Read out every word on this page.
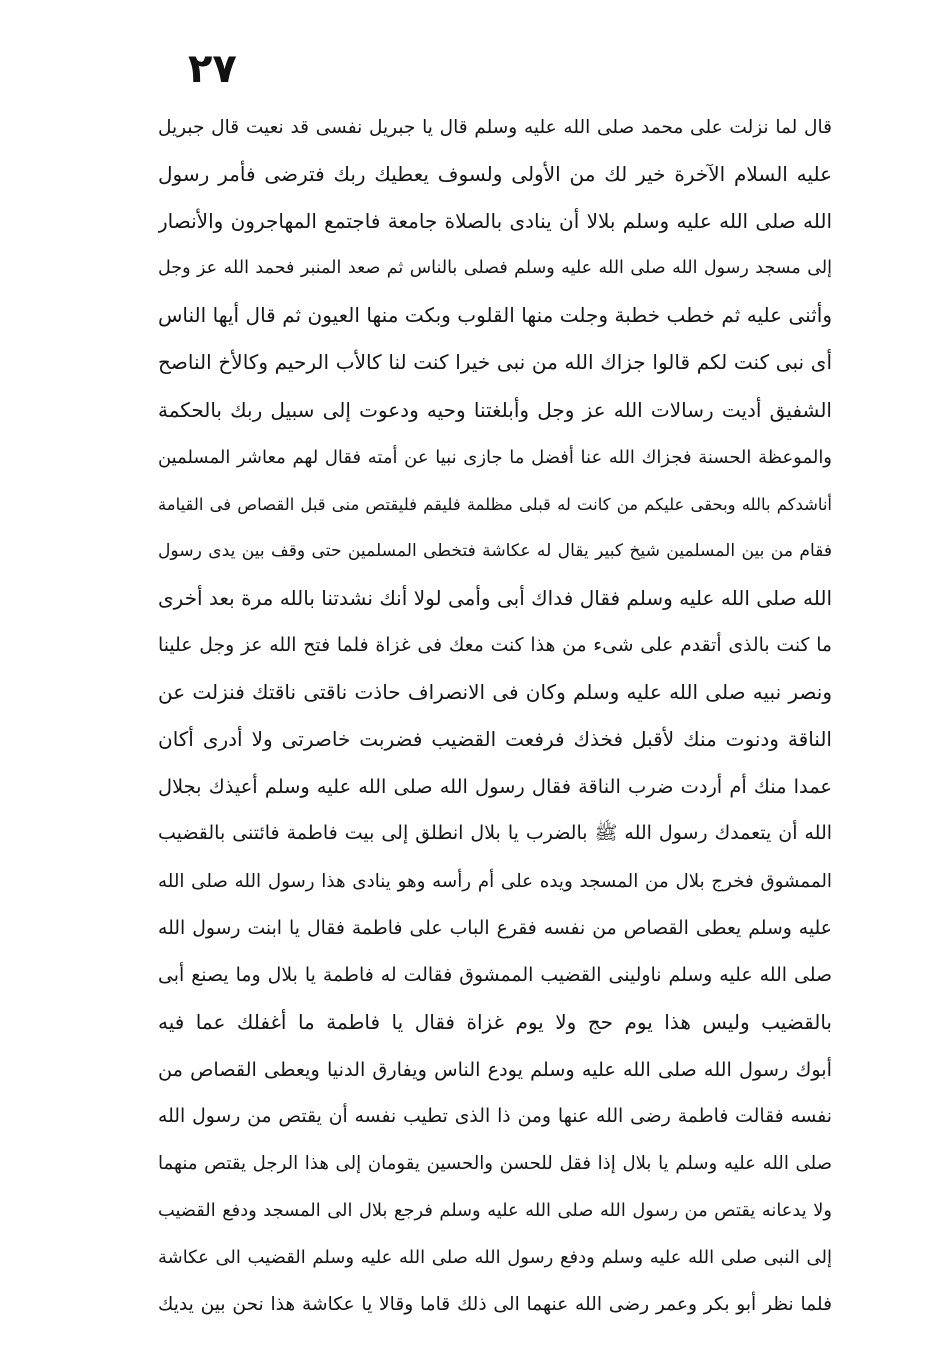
٢٧
قال لما نزلت على محمد صلى الله عليه وسلم قال يا جبريل نفسى قد نعيت قال جبريل
عليه السلام الآخرة خير لك من الأولى ولسوف يعطيك ربك فترضى فأمر رسول
الله صلى الله عليه وسلم بلالا أن ينادى بالصلاة جامعة فاجتمع المهاجرون والأنصار
إلى مسجد رسول الله صلى الله عليه وسلم فصلى بالناس ثم صعد المنبر فحمد الله عز وجل
وأثنى عليه ثم خطب خطبة وجلت منها القلوب وبكت منها العيون ثم قال أيها الناس
أى نبى كنت لكم قالوا جزاك الله من نبى خيرا كنت لنا كالأب الرحيم وكالأخ الناصح
الشفيق أديت رسالات الله عز وجل وأبلغتنا وحيه ودعوت إلى سبيل ربك بالحكمة
والموعظة الحسنة فجزاك الله عنا أفضل ما جازى نبيا عن أمته فقال لهم معاشر المسلمين
أناشدكم بالله وبحقى عليكم من كانت له قبلى مظلمة فليقم فليقتص منى قبل القصاص فى القيامة
فقام من بين المسلمين شيخ كبير يقال له عكاشة فتخطى المسلمين حتى وقف بين يدى رسول
الله صلى الله عليه وسلم فقال فداك أبى وأمى لولا أنك نشدتنا بالله مرة بعد أخرى
ما كنت بالذى أتقدم على شىء من هذا كنت معك فى غزاة فلما فتح الله عز وجل علينا
ونصر نبيه صلى الله عليه وسلم وكان فى الانصراف حاذت ناقتى ناقتك فنزلت عن
الناقة ودنوت منك لأقبل فخذك فرفعت القضيب فضربت خاصرتى ولا أدرى أكان
عمدا منك أم أردت ضرب الناقة فقال رسول الله صلى الله عليه وسلم أعيذك بجلال
الله أن يتعمدك رسول الله ﷺ بالضرب يا بلال انطلق إلى بيت فاطمة فائتنى بالقضيب
الممشوق فخرج بلال من المسجد ويده على أم رأسه وهو ينادى هذا رسول الله صلى الله
عليه وسلم يعطى القصاص من نفسه فقرع الباب على فاطمة فقال يا ابنت رسول الله
صلى الله عليه وسلم ناولينى القضيب الممشوق فقالت له فاطمة يا بلال وما يصنع أبى
بالقضيب وليس هذا يوم حج ولا يوم غزاة فقال يا فاطمة ما أغفلك عما فيه
أبوك رسول الله صلى الله عليه وسلم يودع الناس ويفارق الدنيا ويعطى القصاص من
نفسه فقالت فاطمة رضى الله عنها ومن ذا الذى تطيب نفسه أن يقتص من رسول الله
صلى الله عليه وسلم يا بلال إذا فقل للحسن والحسين يقومان إلى هذا الرجل يقتص منهما
ولا يدعانه يقتص من رسول الله صلى الله عليه وسلم فرجع بلال الى المسجد ودفع القضيب
إلى النبى صلى الله عليه وسلم ودفع رسول الله صلى الله عليه وسلم القضيب الى عكاشة
فلما نظر أبو بكر وعمر رضى الله عنهما الى ذلك قاما وقالا يا عكاشة هذا نحن بين يديك
